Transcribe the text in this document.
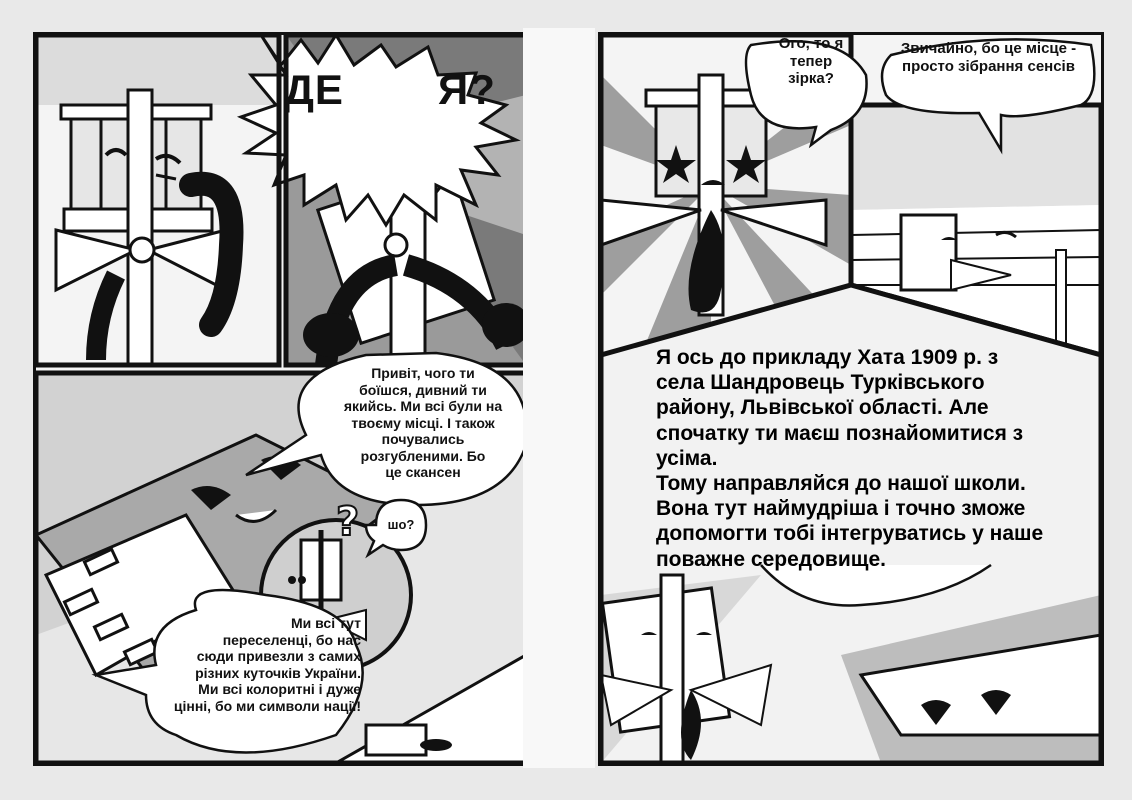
?
ДЕ Я?
Привіт, чого ти
боїшся, дивний ти
якийсь. Ми всі були на
твоєму місці. І також
почувались
розгубленими. Бо
це скансен
шо?
Ми всі тут
переселенці, бо нас
сюди привезли з самих
різних куточків України.
Ми всі колоритні і дуже
цінні, бо ми символи нації!
Ого, то я
тепер
зірка?
Звичайно, бо це місце -
просто зібрання сенсів
Я ось до прикладу Хата 1909 р. з
села Шандровець Турківського
району, Львівської області. Але
спочатку ти маєш познайомитися з
усіма.
Тому направляйся до нашої школи.
Вона тут наймудріша і точно зможе
допомогти тобі інтегруватись у наше
поважне середовище.
